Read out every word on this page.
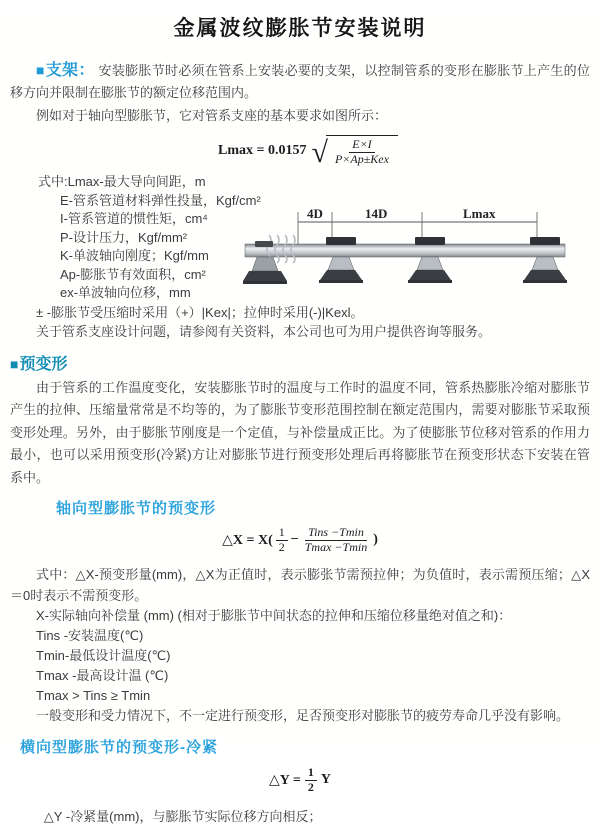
金属波纹膨胀节安装说明

■支架： 安装膨胀节时必须在管系上安装必要的支架，以控制管系的变形在膨胀节上产生的位移方向并限制在膨胀节的额定位移范围内。

例如对于轴向型膨胀节，它对管系支座的基本要求如图所示：

Lmax = 0.0157 √ $\frac{E\times I}{\text{P×Ap±Kex}}$
式中:Lmax-最大导向间距，m
E-管系管道材料弹性投量，Kgf/cm²
I-管系管道的惯性矩，cm⁴
P-设计压力，Kgf/mm²
K-单波轴向刚度；Kgf/mm
Ap-膨胀节有效面积，cm²
ex-单波轴向位移，mm

± -膨胀节受压缩时采用（+）|Kex|；拉伸时采用(-)|Kexl。

关于管系支座设计问题，请参阅有关资料，本公司也可为用户提供咨询等服务。

■预变形

由于管系的工作温度变化，安装膨胀节时的温度与工作时的温度不同，管系热膨胀冷缩对膨胀节产生的拉伸、压缩量常常是不均等的，为了膨胀节变形范围控制在额定范围内，需要对膨胀节采取预变形处理。另外，由于膨胀节刚度是一个定值，与补偿量成正比。为了使膨胀节位移对管系的作用力最小，也可以采用预变形(冷紧)方让对膨胀节进行预变形处理后再将膨胀节在预变形状态下安装在管系中。

轴向型膨胀节的预变形
△X = $X( \frac{1}{2} - \frac{\text{Tins −Tmin}}{Tmax -Tmin}$ )

式中：△X-预变形量(mm)，△X为正值时，表示膨张节需预拉伸；为负值时，表示需预压缩；△X＝0时表示不需预变形。

X-实际轴向补偿量 (mm) (相对于膨胀节中间状态的拉伸和压缩位移量绝对值之和)：
Tins -安装温度(℃)
Tmin-最低设计温度(℃)
Tmax -最高设计温 (℃)
Tmax > Tins ≥ Tmin
一般变形和受力情况下，不一定进行预变形，足否预变形对膨胀节的疲劳寿命几乎没有影响。
横向型膨胀节的预变形-冷紧
△Y = $\frac{1}{2}$ Y

△Y -冷紧量(mm)，与膨胀节实际位移方向相反；

4D	14D	Lmax
